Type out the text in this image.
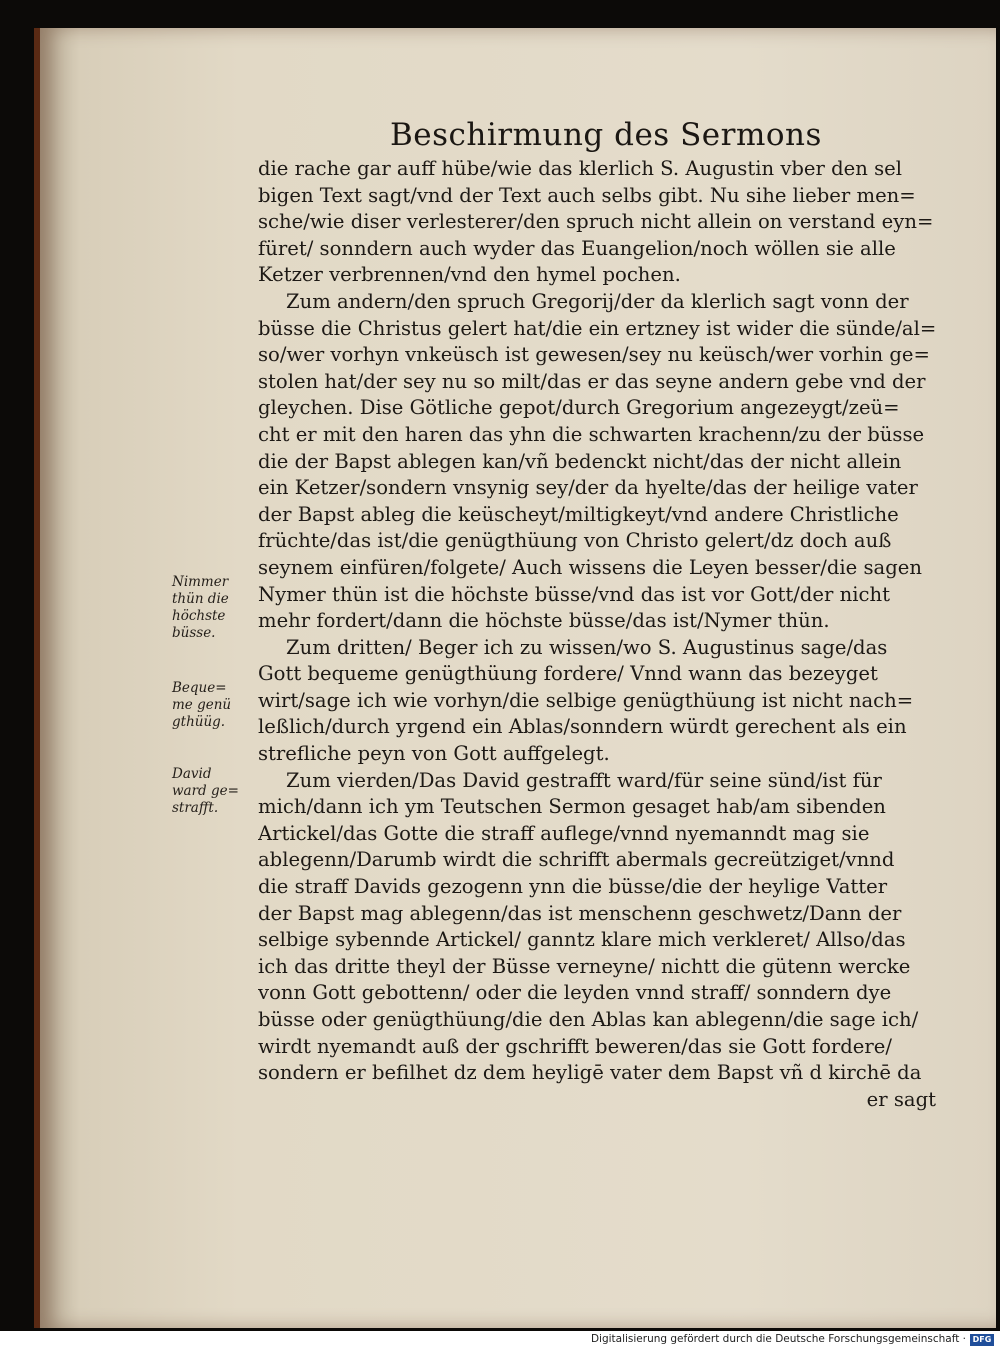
Beschirmung des Sermons
die rache gar auff hübe/wie das klerlich S. Augustin vber den sel
bigen Text sagt/vnd der Text auch selbs gibt. Nu sihe lieber men=
sche/wie diser verlesterer/den spruch nicht allein on verstand eyn=
füret/ sonndern auch wyder das Euangelion/noch wöllen sie alle
Ketzer verbrennen/vnd den hymel pochen.
Zum andern/den spruch Gregorij/der da klerlich sagt vonn der
büsse die Christus gelert hat/die ein ertzney ist wider die sünde/al=
so/wer vorhyn vnkeüsch ist gewesen/sey nu keüsch/wer vorhin ge=
stolen hat/der sey nu so milt/das er das seyne andern gebe vnd der
gleychen. Dise Götliche gepot/durch Gregorium angezeygt/zeü=
cht er mit den haren das yhn die schwarten krachenn/zu der büsse
die der Bapst ablegen kan/vñ bedenckt nicht/das der nicht allein
ein Ketzer/sondern vnsynig sey/der da hyelte/das der heilige vater
der Bapst ableg die keüscheyt/miltigkeyt/vnd andere Christliche
früchte/das ist/die genügthüung von Christo gelert/dz doch auß
seynem einfüren/folgete/ Auch wissens die Leyen besser/die sagen
Nymer thün ist die höchste büsse/vnd das ist vor Gott/der nicht
mehr fordert/dann die höchste büsse/das ist/Nymer thün.
Zum dritten/ Beger ich zu wissen/wo S. Augustinus sage/das
Gott bequeme genügthüung fordere/ Vnnd wann das bezeyget
wirt/sage ich wie vorhyn/die selbige genügthüung ist nicht nach=
leßlich/durch yrgend ein Ablas/sonndern würdt gerechent als ein
strefliche peyn von Gott auffgelegt.
Zum vierden/Das David gestrafft ward/für seine sünd/ist für
mich/dann ich ym Teutschen Sermon gesaget hab/am sibenden
Artickel/das Gotte die straff auflege/vnnd nyemanndt mag sie
ablegenn/Darumb wirdt die schrifft abermals gecreütziget/vnnd
die straff Davids gezogenn ynn die büsse/die der heylige Vatter
der Bapst mag ablegenn/das ist menschenn geschwetz/Dann der
selbige sybennde Artickel/ ganntz klare mich verkleret/ Allso/das
ich das dritte theyl der Büsse verneyne/ nichtt die gütenn wercke
vonn Gott gebottenn/ oder die leyden vnnd straff/ sonndern dye
büsse oder genügthüung/die den Ablas kan ablegenn/die sage ich/
wirdt nyemandt auß der gschrifft beweren/das sie Gott fordere/
sondern er befilhet dz dem heyligē vater dem Bapst vñ d kirchē da
er sagt
Nimmer
thün die
höchste
büsse.
Beque=
me genü
gthüüg.
David
ward ge=
strafft.
Digitalisierung gefördert durch die Deutsche Forschungsgemeinschaft · DFG
